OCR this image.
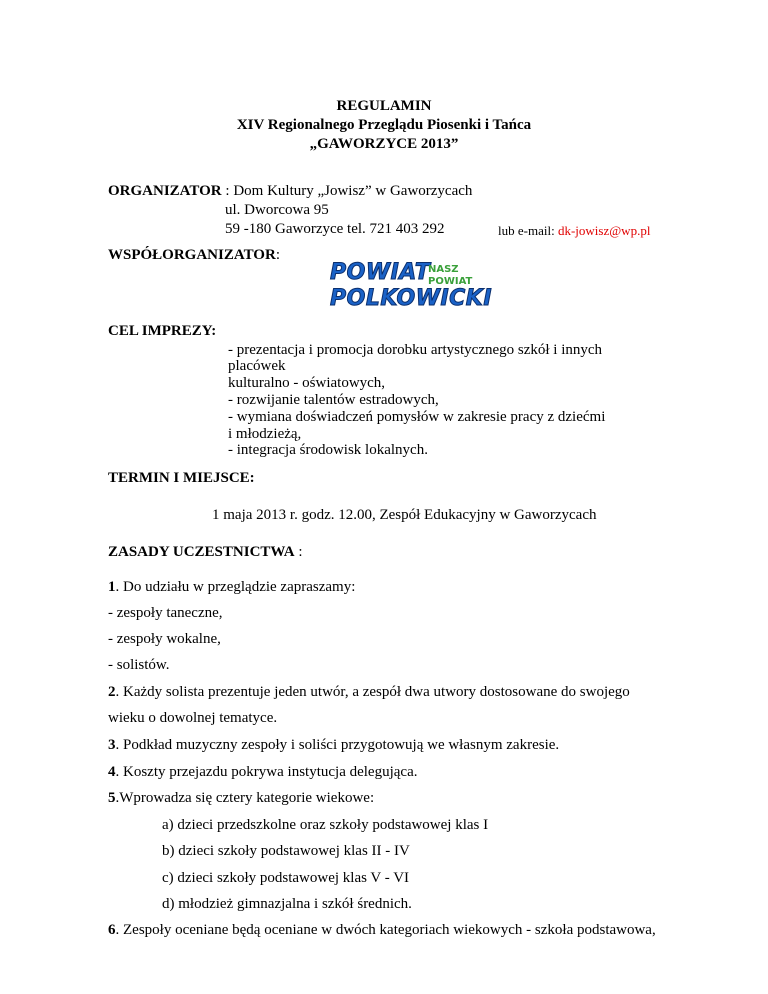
REGULAMIN
XIV Regionalnego Przeglądu Piosenki i Tańca
„GAWORZYCE 2013”
ORGANIZATOR : Dom Kultury „Jowisz” w Gaworzycach
ul. Dworcowa 95
59 -180 Gaworzyce tel. 721 403 292	lub e-mail: dk-jowisz@wp.pl
WSPÓŁORGANIZATOR:
POWIAT
POLKOWICKI
NASZ
POWIAT
CEL IMPREZY:
- prezentacja i promocja dorobku artystycznego szkół i innych
placówek
kulturalno - oświatowych,
- rozwijanie talentów estradowych,
- wymiana doświadczeń pomysłów w zakresie pracy z dziećmi
i młodzieżą,
- integracja środowisk lokalnych.
TERMIN I MIEJSCE:
1 maja 2013 r. godz. 12.00, Zespół Edukacyjny w Gaworzycach
ZASADY UCZESTNICTWA :
1. Do udziału w przeglądzie zapraszamy:
- zespoły taneczne,
- zespoły wokalne,
- solistów.
2. Każdy solista prezentuje jeden utwór, a zespół dwa utwory dostosowane do swojego
wieku o dowolnej tematyce.
3. Podkład muzyczny zespoły i soliści przygotowują we własnym zakresie.
4. Koszty przejazdu pokrywa instytucja delegująca.
5.Wprowadza się cztery kategorie wiekowe:
a) dzieci przedszkolne oraz szkoły podstawowej klas I
b) dzieci szkoły podstawowej klas II - IV
c) dzieci szkoły podstawowej klas V - VI
d) młodzież gimnazjalna i szkół średnich.
6. Zespoły oceniane będą oceniane w dwóch kategoriach wiekowych - szkoła podstawowa,
